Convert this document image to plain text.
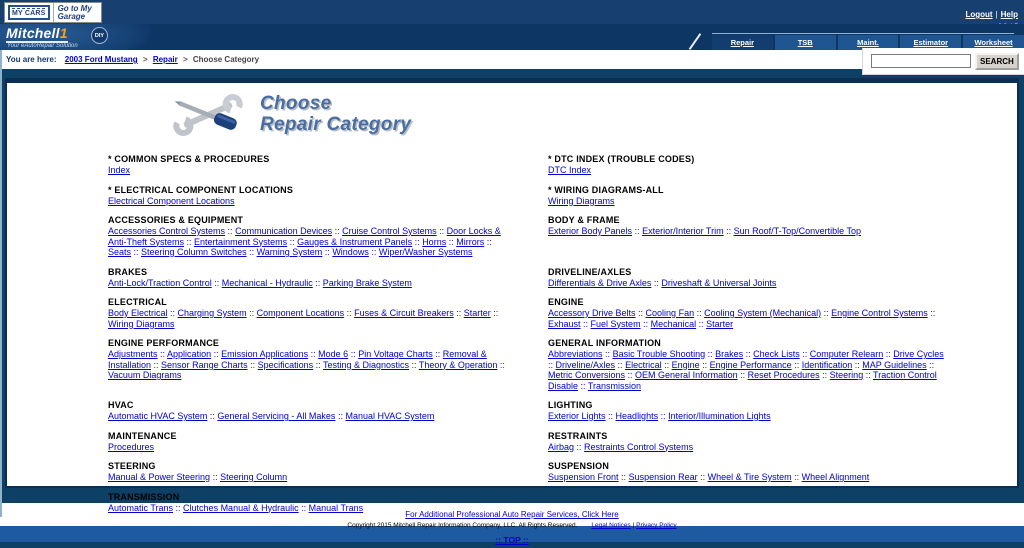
MY CARS
Go to My Garage	Logout | Help
Mitchell1	DIY
Your eAutoRepair Solution	Repair	TSB	Maint.	Estimator	Worksheet
You are here: 2003 Ford Mustang > Repair > Choose Category	SEARCH
Choose
Repair Category
* COMMON SPECS & PROCEDURES
Index
* DTC INDEX (TROUBLE CODES)
DTC Index
* ELECTRICAL COMPONENT LOCATIONS
Electrical Component Locations
* WIRING DIAGRAMS-ALL
Wiring Diagrams
ACCESSORIES & EQUIPMENT
Accessories Control Systems :: Communication Devices :: Cruise Control Systems :: Door Locks & Anti-Theft Systems :: Entertainment Systems :: Gauges & Instrument Panels :: Horns :: Mirrors :: Seats :: Steering Column Switches :: Warning System :: Windows :: Wiper/Washer Systems
BODY & FRAME
Exterior Body Panels :: Exterior/Interior Trim :: Sun Roof/T-Top/Convertible Top
BRAKES
Anti-Lock/Traction Control :: Mechanical - Hydraulic :: Parking Brake System
DRIVELINE/AXLES
Differentials & Drive Axles :: Driveshaft & Universal Joints
ELECTRICAL
Body Electrical :: Charging System :: Component Locations :: Fuses & Circuit Breakers :: Starter :: Wiring Diagrams
ENGINE
Accessory Drive Belts :: Cooling Fan :: Cooling System (Mechanical) :: Engine Control Systems :: Exhaust :: Fuel System :: Mechanical :: Starter
ENGINE PERFORMANCE
Adjustments :: Application :: Emission Applications :: Mode 6 :: Pin Voltage Charts :: Removal & Installation :: Sensor Range Charts :: Specifications :: Testing & Diagnostics :: Theory & Operation :: Vacuum Diagrams
GENERAL INFORMATION
Abbreviations :: Basic Trouble Shooting :: Brakes :: Check Lists :: Computer Relearn :: Drive Cycles :: Driveline/Axles :: Electrical :: Engine :: Engine Performance :: Identification :: MAP Guidelines :: Metric Conversions :: OEM General Information :: Reset Procedures :: Steering :: Traction Control Disable :: Transmission
HVAC
Automatic HVAC System :: General Servicing - All Makes :: Manual HVAC System
LIGHTING
Exterior Lights :: Headlights :: Interior/Illumination Lights
MAINTENANCE
Procedures
RESTRAINTS
Airbag :: Restraints Control Systems
STEERING
Manual & Power Steering :: Steering Column
SUSPENSION
Suspension Front :: Suspension Rear :: Wheel & Tire System :: Wheel Alignment
TRANSMISSION
Automatic Trans :: Clutches Manual & Hydraulic :: Manual Trans
For Additional Professional Auto Repair Services, Click Here
Copyright 2015 Mitchell Repair Information Company, LLC. All Rights Reserved. Legal Notices | Privacy Policy
:: TOP ::
